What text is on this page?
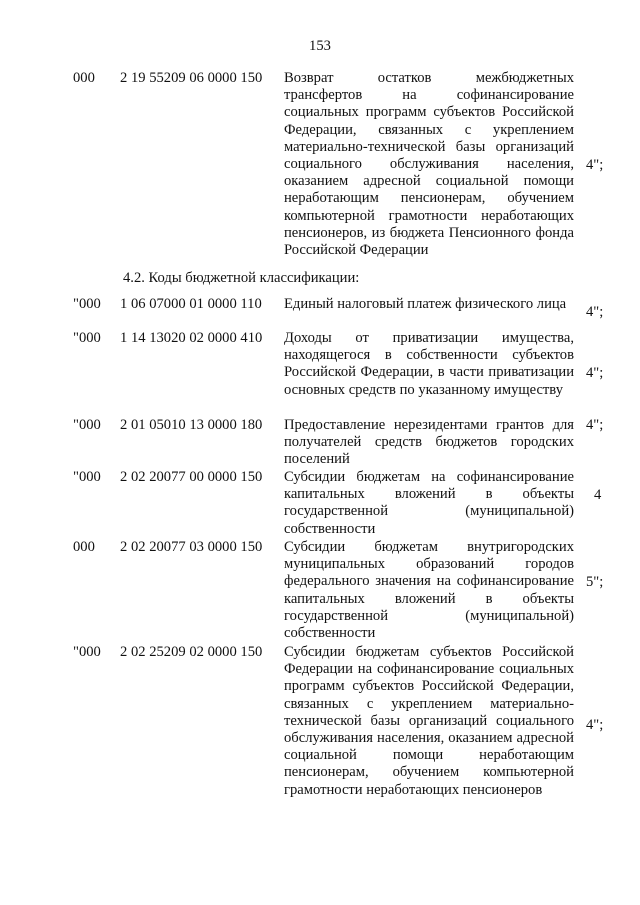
153
000 2 19 55209 06 0000 150 Возврат остатков межбюджетных трансфертов на софинансирование социальных программ субъектов Российской Федерации, связанных с укреплением материально-технической базы организаций социального обслуживания населения, оказанием адресной социальной помощи неработающим пенсионерам, обучением компьютерной грамотности неработающих пенсионеров, из бюджета Пенсионного фонда Российской Федерации
4";
4.2. Коды бюджетной классификации:
"000 1 06 07000 01 0000 110 Единый налоговый платеж физического лица	4";
"000 1 14 13020 02 0000 410 Доходы от приватизации имущества, находящегося в собственности субъектов Российской Федерации, в части приватизации основных средств по указанному имуществу
4";
"000 2 01 05010 13 0000 180 Предоставление нерезидентами грантов для получателей средств бюджетов городских поселений
4";
"000 2 02 20077 00 0000 150 Субсидии бюджетам на софинансирование капитальных вложений в объекты государственной (муниципальной) собственности
4
000 2 02 20077 03 0000 150 Субсидии бюджетам внутригородских муниципальных образований городов федерального значения на софинансирование капитальных вложений в объекты государственной (муниципальной) собственности
5";
"000 2 02 25209 02 0000 150 Субсидии бюджетам субъектов Российской Федерации на софинансирование социальных программ субъектов Российской Федерации, связанных с укреплением материально-технической базы организаций социального обслуживания населения, оказанием адресной социальной помощи неработающим пенсионерам, обучением компьютерной грамотности неработающих пенсионеров
4";
